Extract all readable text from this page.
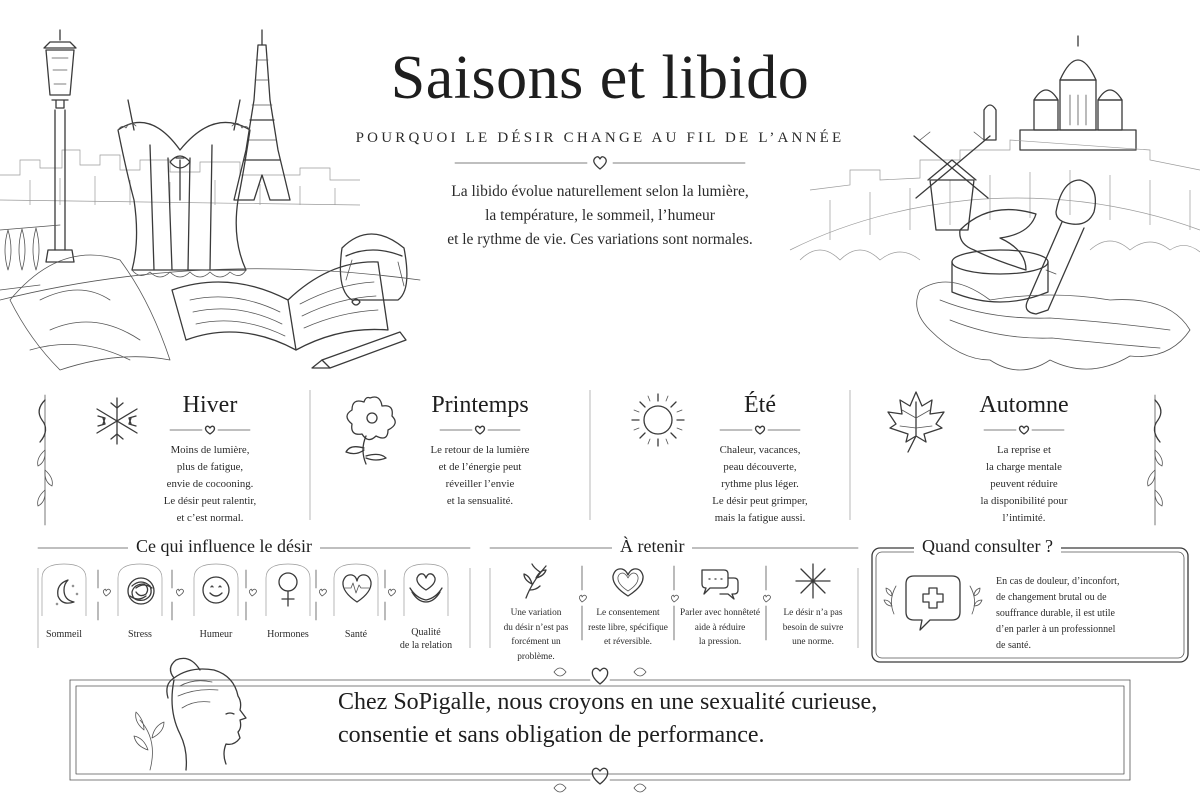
Saisons et libido
POURQUOI LE DÉSIR CHANGE AU FIL DE L’ANNÉE
La libido évolue naturellement selon la lumière,
la température, le sommeil, l’humeur
et le rythme de vie. Ces variations sont normales.
Hiver
Moins de lumière,
plus de fatigue,
envie de cocooning.
Le désir peut ralentir,
et c’est normal.
Printemps
Le retour de la lumière
et de l’énergie peut
réveiller l’envie
et la sensualité.
Été
Chaleur, vacances,
peau découverte,
rythme plus léger.
Le désir peut grimper,
mais la fatigue aussi.
Automne
La reprise et
la charge mentale
peuvent réduire
la disponibilité pour
l’intimité.
Ce qui influence le désir
Sommeil	Stress	Humeur	Hormones	Santé	Qualité
de la relation
À retenir
Une variation
du désir n’est pas
forcément un problème.
Le consentement
reste libre, spécifique
et réversible.
Parler avec honnêteté
aide à réduire
la pression.
Le désir n’a pas
besoin de suivre
une norme.
Quand consulter ?
En cas de douleur, d’inconfort,
de changement brutal ou de
souffrance durable, il est utile
d’en parler à un professionnel
de santé.
Chez SoPigalle, nous croyons en une sexualité curieuse,
consentie et sans obligation de performance.
